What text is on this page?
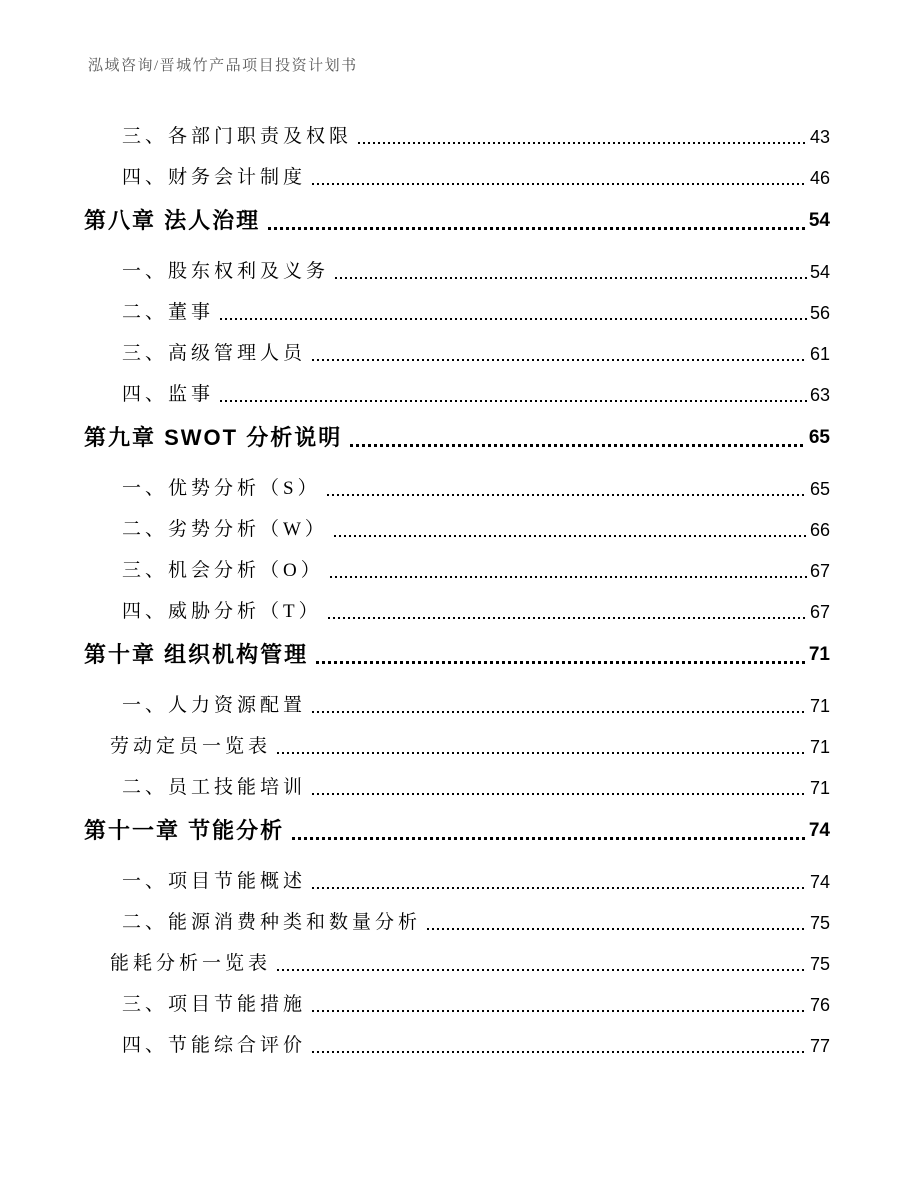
泓域咨询/晋城竹产品项目投资计划书
三、各部门职责及权限	43
四、财务会计制度	46
第八章 法人治理	54
一、股东权利及义务	54
二、董事	56
三、高级管理人员	61
四、监事	63
第九章 SWOT 分析说明	65
一、优势分析（S）	65
二、劣势分析（W）	66
三、机会分析（O）	67
四、威胁分析（T）	67
第十章 组织机构管理	71
一、人力资源配置	71
劳动定员一览表	71
二、员工技能培训	71
第十一章 节能分析	74
一、项目节能概述	74
二、能源消费种类和数量分析	75
能耗分析一览表	75
三、项目节能措施	76
四、节能综合评价	77
